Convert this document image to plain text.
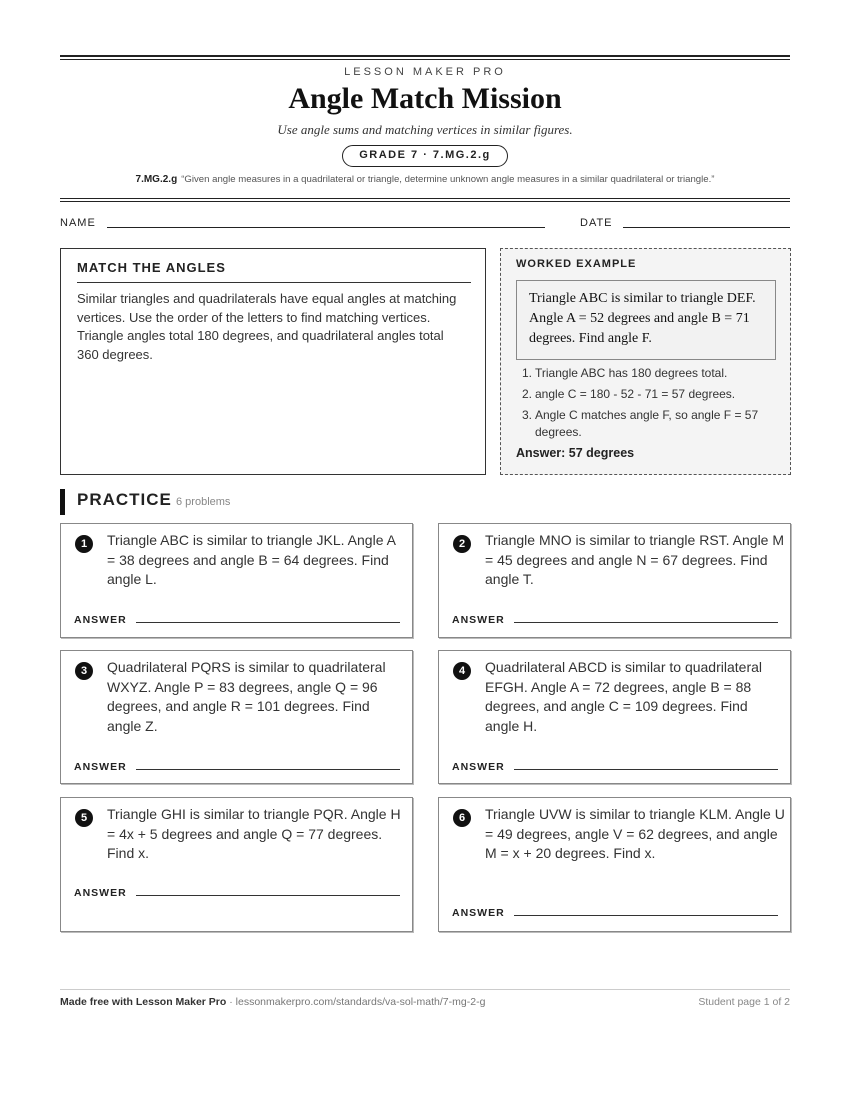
LESSON MAKER PRO
Angle Match Mission
Use angle sums and matching vertices in similar figures.
GRADE 7 · 7.MG.2.g
7.MG.2.g “Given angle measures in a quadrilateral or triangle, determine unknown angle measures in a similar quadrilateral or triangle.”
NAME	DATE
MATCH THE ANGLES
Similar triangles and quadrilaterals have equal angles at matching vertices. Use the order of the letters to find matching vertices. Triangle angles total 180 degrees, and quadrilateral angles total 360 degrees.
WORKED EXAMPLE
Triangle ABC is similar to triangle DEF. Angle A = 52 degrees and angle B = 71 degrees. Find angle F.
1. Triangle ABC has 180 degrees total.
2. angle C = 180 - 52 - 71 = 57 degrees.
3. Angle C matches angle F, so angle F = 57 degrees.
Answer: 57 degrees
PRACTICE 6 problems
1	Triangle ABC is similar to triangle JKL. Angle A = 38 degrees and angle B = 64 degrees. Find angle L.
ANSWER
2	Triangle MNO is similar to triangle RST. Angle M = 45 degrees and angle N = 67 degrees. Find angle T.
ANSWER
3	Quadrilateral PQRS is similar to quadrilateral WXYZ. Angle P = 83 degrees, angle Q = 96 degrees, and angle R = 101 degrees. Find angle Z.
ANSWER
4	Quadrilateral ABCD is similar to quadrilateral EFGH. Angle A = 72 degrees, angle B = 88 degrees, and angle C = 109 degrees. Find angle H.
ANSWER
5	Triangle GHI is similar to triangle PQR. Angle H = 4x + 5 degrees and angle Q = 77 degrees. Find x.
ANSWER
6	Triangle UVW is similar to triangle KLM. Angle U = 49 degrees, angle V = 62 degrees, and angle M = x + 20 degrees. Find x.
ANSWER
Made free with Lesson Maker Pro · lessonmakerpro.com/standards/va-sol-math/7-mg-2-g	Student page 1 of 2
